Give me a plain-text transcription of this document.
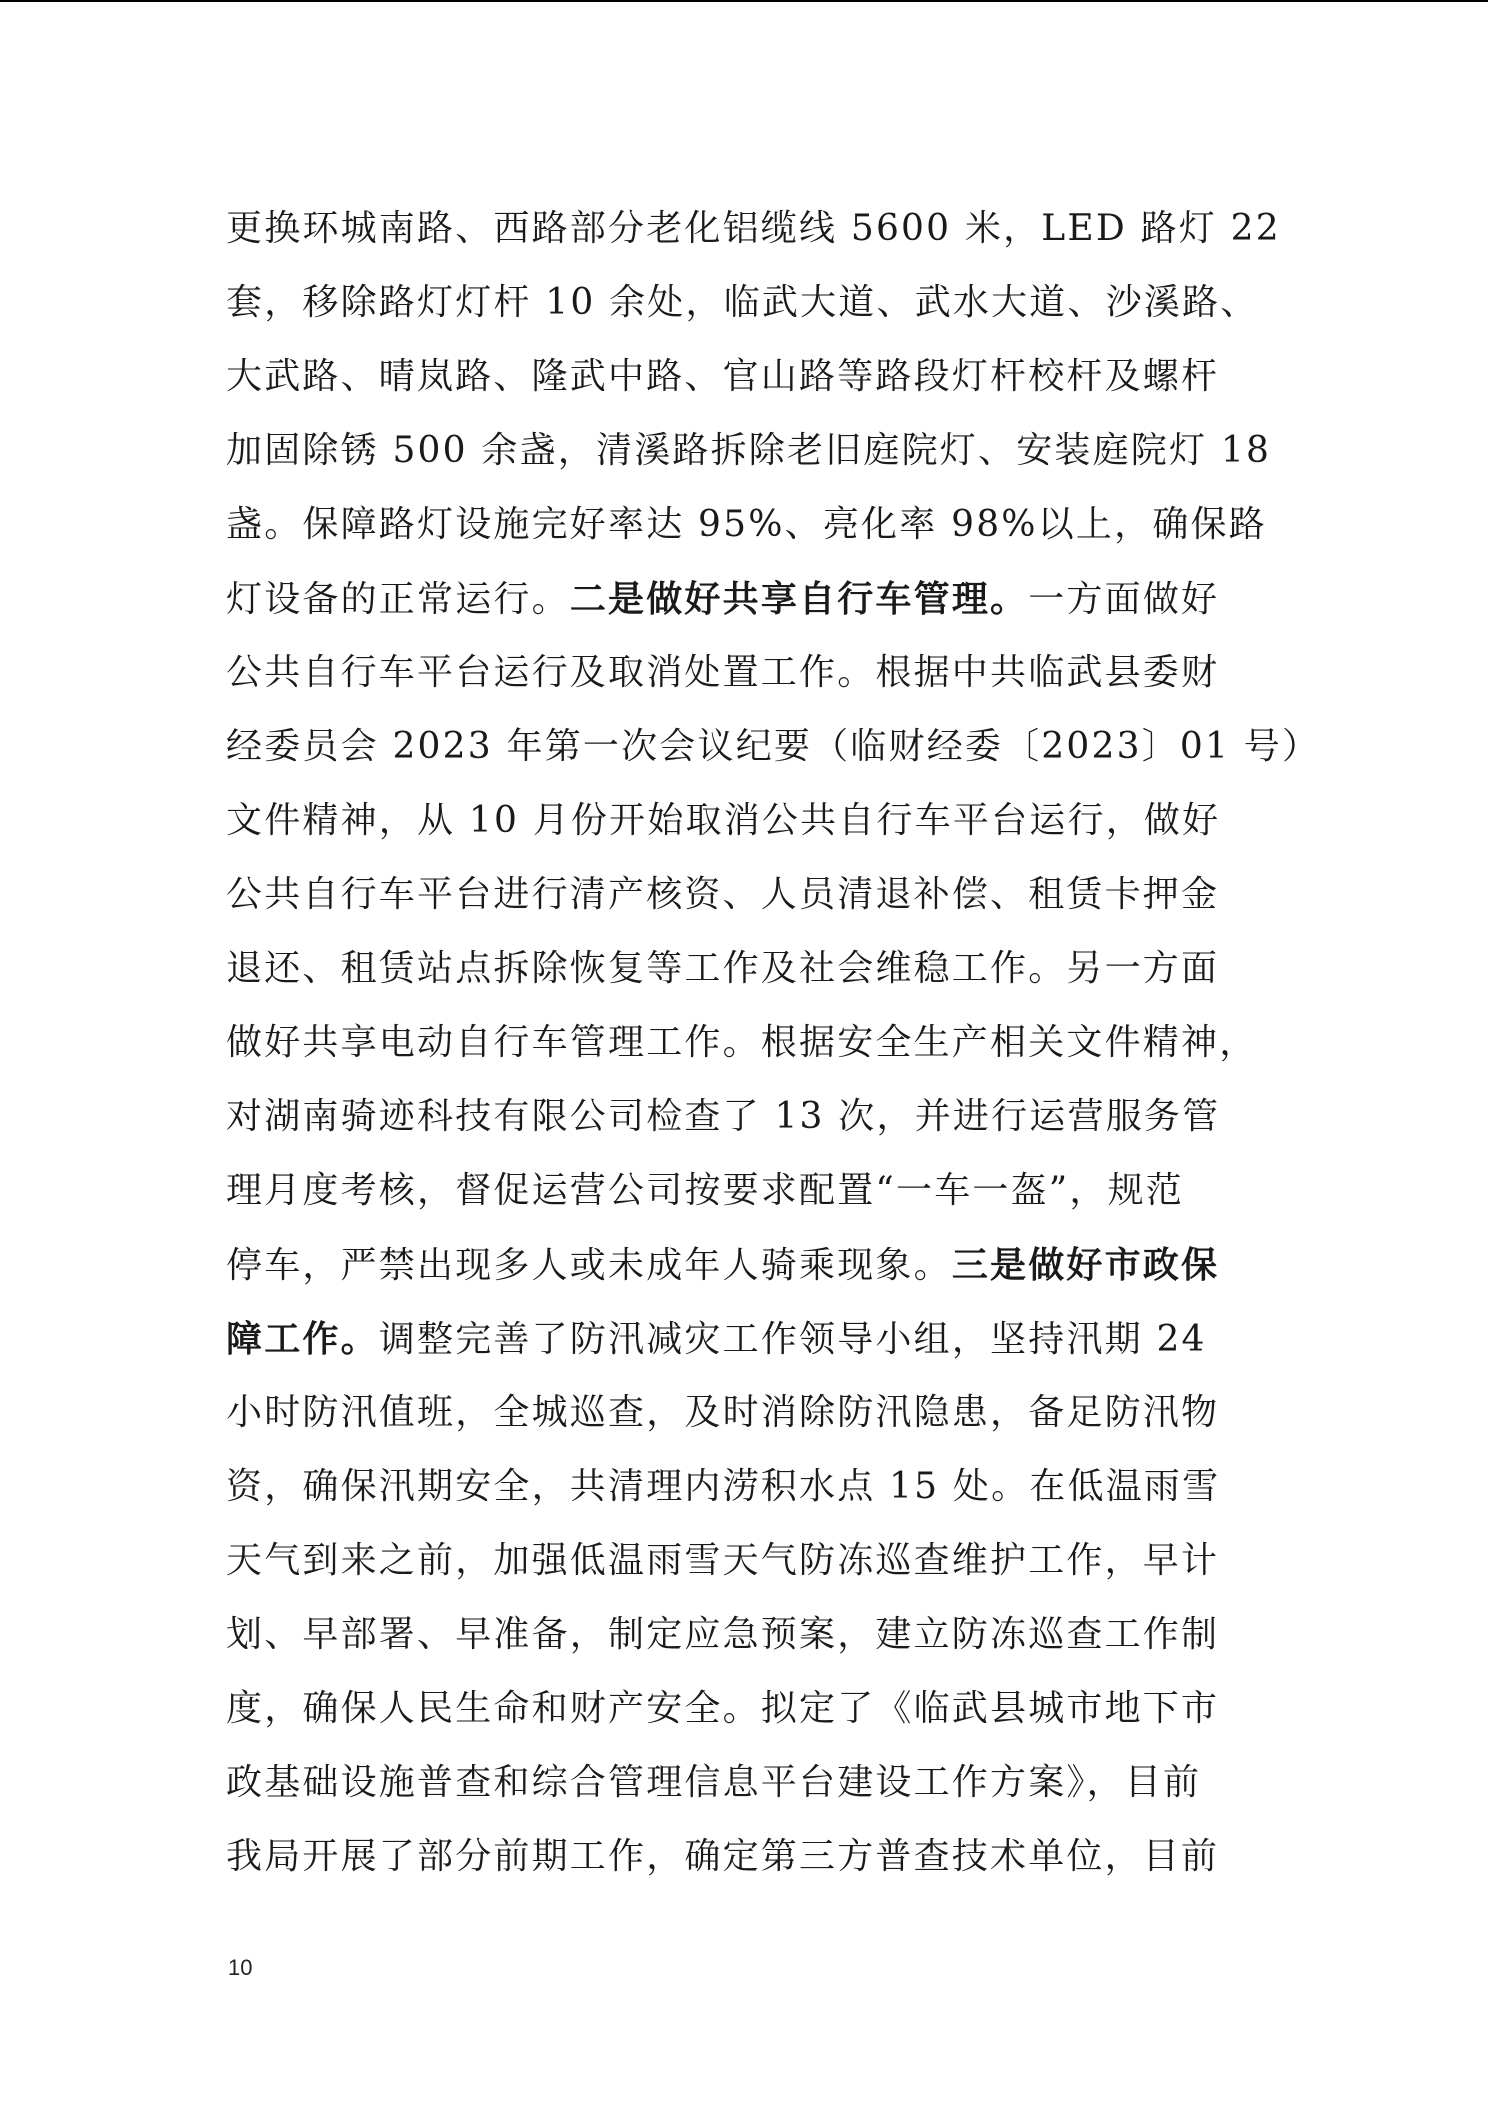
更换环城南路、西路部分老化铝缆线 5600 米，LED 路灯 22
套，移除路灯灯杆 10 余处，临武大道、武水大道、沙溪路、
大武路、晴岚路、隆武中路、官山路等路段灯杆校杆及螺杆
加固除锈 500 余盏，清溪路拆除老旧庭院灯、安装庭院灯 18
盏。保障路灯设施完好率达 95%、亮化率 98%以上，确保路
灯设备的正常运行。二是做好共享自行车管理。一方面做好
公共自行车平台运行及取消处置工作。根据中共临武县委财
经委员会 2023 年第一次会议纪要（临财经委〔2023〕01 号）
文件精神，从 10 月份开始取消公共自行车平台运行，做好
公共自行车平台进行清产核资、人员清退补偿、租赁卡押金
退还、租赁站点拆除恢复等工作及社会维稳工作。另一方面
做好共享电动自行车管理工作。根据安全生产相关文件精神，
对湖南骑迹科技有限公司检查了 13 次，并进行运营服务管
理月度考核，督促运营公司按要求配置“一车一盔”，规范
停车，严禁出现多人或未成年人骑乘现象。三是做好市政保
障工作。调整完善了防汛减灾工作领导小组，坚持汛期 24
小时防汛值班，全城巡查，及时消除防汛隐患，备足防汛物
资，确保汛期安全，共清理内涝积水点 15 处。在低温雨雪
天气到来之前，加强低温雨雪天气防冻巡查维护工作，早计
划、早部署、早准备，制定应急预案，建立防冻巡查工作制
度，确保人民生命和财产安全。拟定了《临武县城市地下市
政基础设施普查和综合管理信息平台建设工作方案》，目前
我局开展了部分前期工作，确定第三方普查技术单位，目前
10
